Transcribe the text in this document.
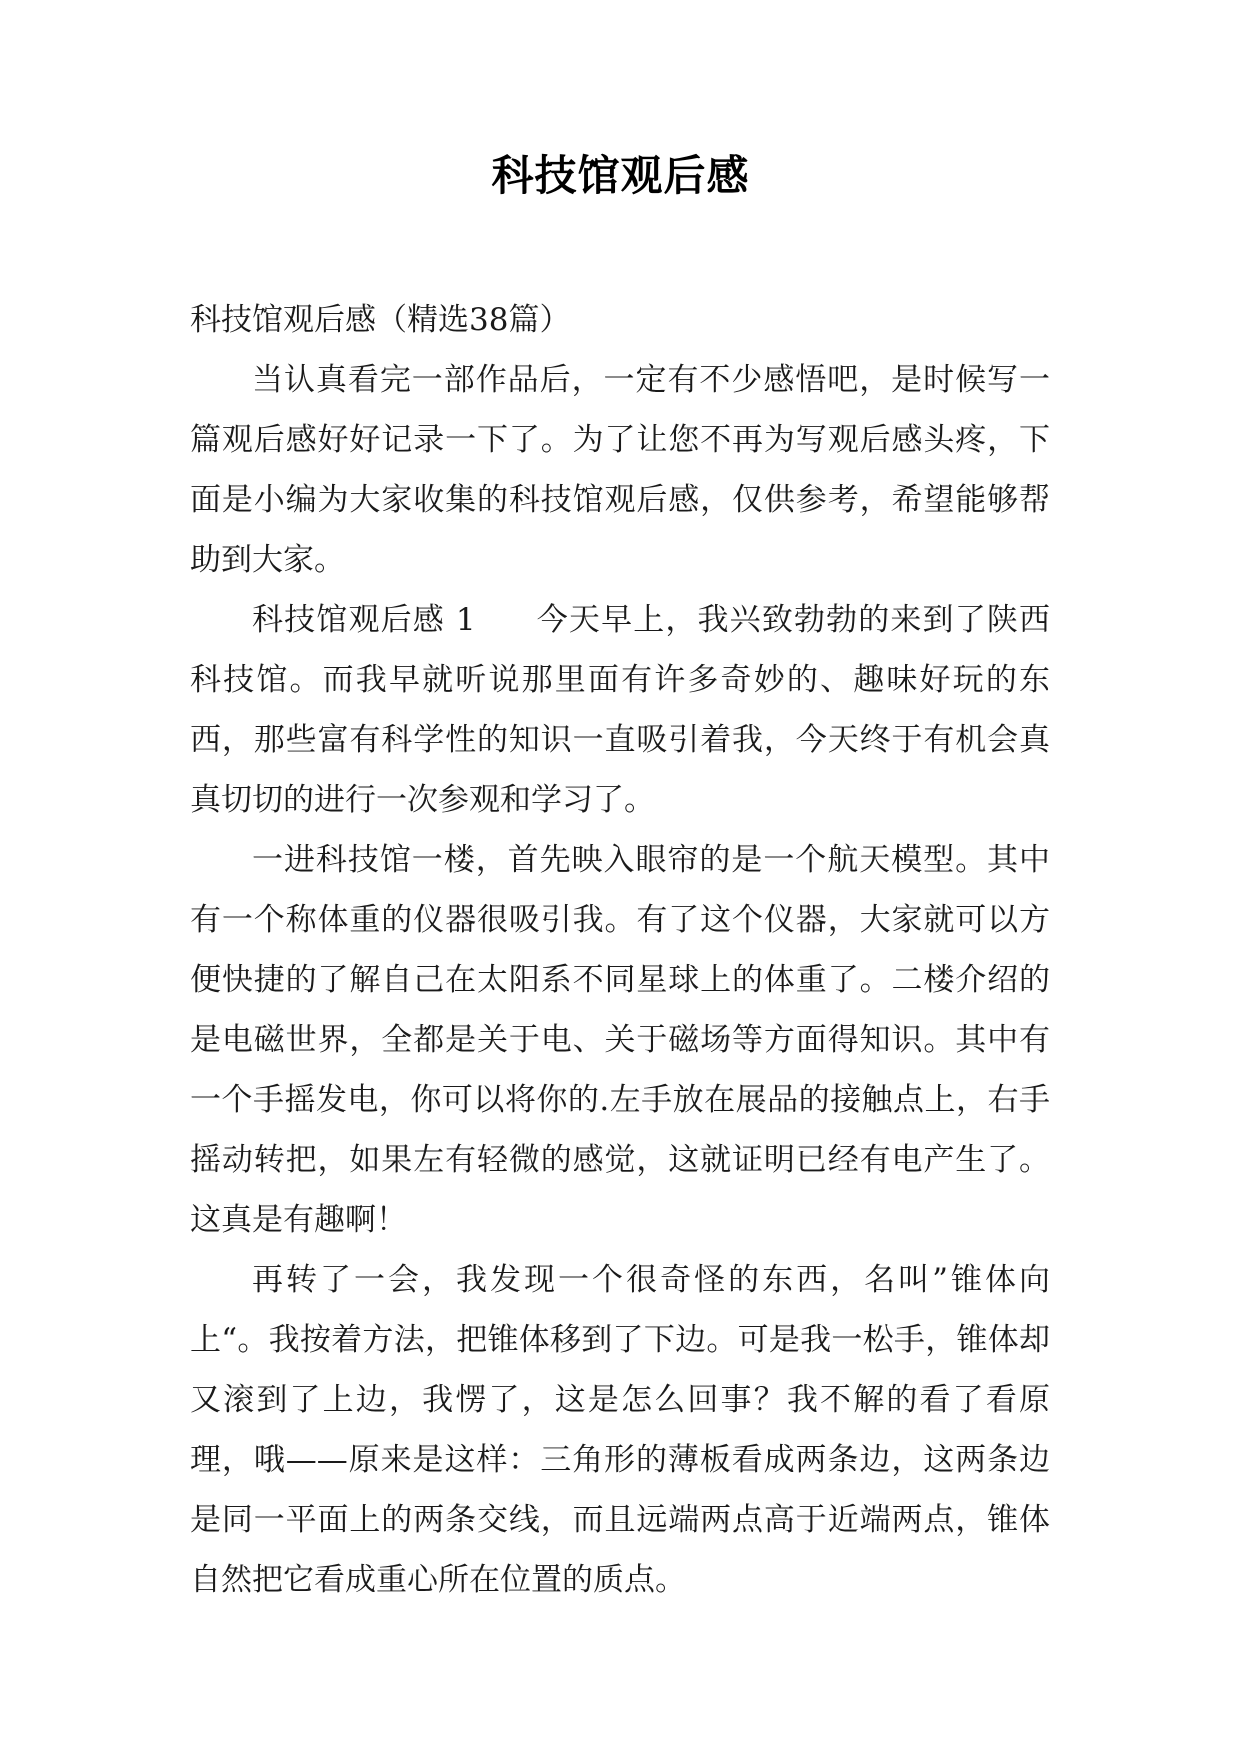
科技馆观后感

科技馆观后感（精选38篇）

当认真看完一部作品后，一定有不少感悟吧，是时候写一篇观后感好好记录一下了。为了让您不再为写观后感头疼，下面是小编为大家收集的科技馆观后感，仅供参考，希望能够帮助到大家。

科技馆观后感 1 今天早上，我兴致勃勃的来到了陕西科技馆。而我早就听说那里面有许多奇妙的、趣味好玩的东西，那些富有科学性的知识一直吸引着我，今天终于有机会真真切切的进行一次参观和学习了。

一进科技馆一楼，首先映入眼帘的是一个航天模型。其中有一个称体重的仪器很吸引我。有了这个仪器，大家就可以方便快捷的了解自己在太阳系不同星球上的体重了。二楼介绍的是电磁世界，全都是关于电、关于磁场等方面得知识。其中有一个手摇发电，你可以将你的.左手放在展品的接触点上，右手摇动转把，如果左有轻微的感觉，这就证明已经有电产生了。这真是有趣啊！

再转了一会，我发现一个很奇怪的东西，名叫”锥体向上“。我按着方法，把锥体移到了下边。可是我一松手，锥体却又滚到了上边，我愣了，这是怎么回事？我不解的看了看原理，哦——原来是这样：三角形的薄板看成两条边，这两条边是同一平面上的两条交线，而且远端两点高于近端两点，锥体自然把它看成重心所在位置的质点。
